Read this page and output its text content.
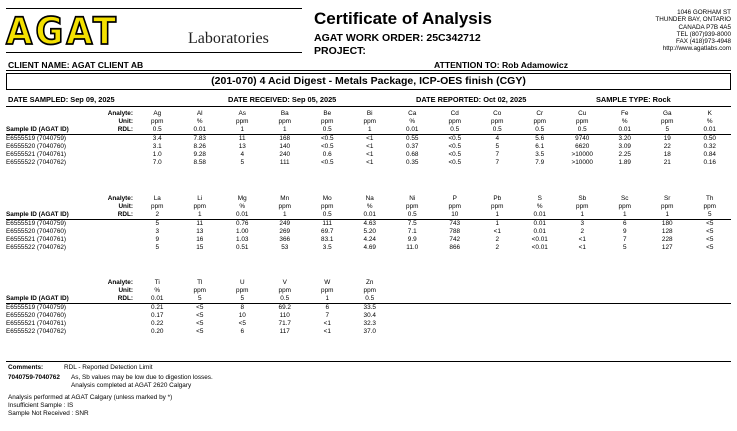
AGAT	Laboratories
Certificate of Analysis
AGAT WORK ORDER: 25C342712
PROJECT:
1046 GORHAM ST
THUNDER BAY, ONTARIO
CANADA P7B 4A5
TEL (807)939-8000
FAX (418)973-4948
http://www.agatlabs.com
CLIENT NAME: AGAT CLIENT AB	ATTENTION TO: Rob Adamowicz
(201-070) 4 Acid Digest - Metals Package, ICP-OES finish (CGY)
DATE SAMPLED: Sep 09, 2025	DATE RECEIVED: Sep 05, 2025	DATE REPORTED: Oct 02, 2025	SAMPLE TYPE: Rock
Analyte:	Ag	Al	As	Ba	Be	Bi	Ca	Cd	Co	Cr	Cu	Fe	Ga	K
Unit:	ppm	%	ppm	ppm	ppm	ppm	%	ppm	ppm	ppm	ppm	%	ppm	%
Sample ID (AGAT ID) RDL:	0.5	0.01	1	1	0.5	1	0.01	0.5	0.5	0.5	0.5	0.01	5	0.01
E6555519 (7040759)	3.4	7.83	11	168	<0.5	<1	0.55	<0.5	4	5.6	9740	3.20	19	0.50
E6555520 (7040760)	3.1	8.26	13	140	<0.5	<1	0.37	<0.5	5	6.1	6620	3.09	22	0.32
E6555521 (7040761)	1.0	9.28	4	240	0.6	<1	0.68	<0.5	7	3.5	>10000	2.25	18	0.84
E6555522 (7040762)	7.0	8.58	5	111	<0.5	<1	0.35	<0.5	7	7.9	>10000	1.89	21	0.16
Analyte:	La	Li	Mg	Mn	Mo	Na	Ni	P	Pb	S	Sb	Sc	Sr	Th
Unit:	ppm	ppm	%	ppm	ppm	%	ppm	ppm	ppm	%	ppm	ppm	ppm	ppm
Sample ID (AGAT ID) RDL:	2	1	0.01	1	0.5	0.01	0.5	10	1	0.01	1	1	1	5
E6555519 (7040759)	5	11	0.76	249	111	4.63	7.5	743	1	0.01	3	6	180	<5
E6555520 (7040760)	3	13	1.00	269	69.7	5.20	7.1	788	<1	0.01	2	9	128	<5
E6555521 (7040761)	9	16	1.03	366	83.1	4.24	9.9	742	2	<0.01	<1	7	228	<5
E6555522 (7040762)	5	15	0.51	53	3.5	4.69	11.0	866	2	<0.01	<1	5	127	<5
Analyte:	Ti	Tl	U	V	W	Zn								
Unit:	%	ppm	ppm	ppm	ppm	ppm								
Sample ID (AGAT ID) RDL:	0.01	5	5	0.5	1	0.5								
E6555519 (7040759)	0.21	<5	8	69.2	6	33.5								
E6555520 (7040760)	0.17	<5	10	110	7	30.4								
E6555521 (7040761)	0.22	<5	<5	71.7	<1	32.3								
E6555522 (7040762)	0.20	<5	6	117	<1	37.0								
Comments:	RDL - Reported Detection Limit
7040759-7040762 As, Sb values may be low due to digestion losses.
Analysis completed at AGAT 2620 Calgary
Analysis performed at AGAT Calgary (unless marked by *)
Insufficient Sample : IS
Sample Not Received : SNR
